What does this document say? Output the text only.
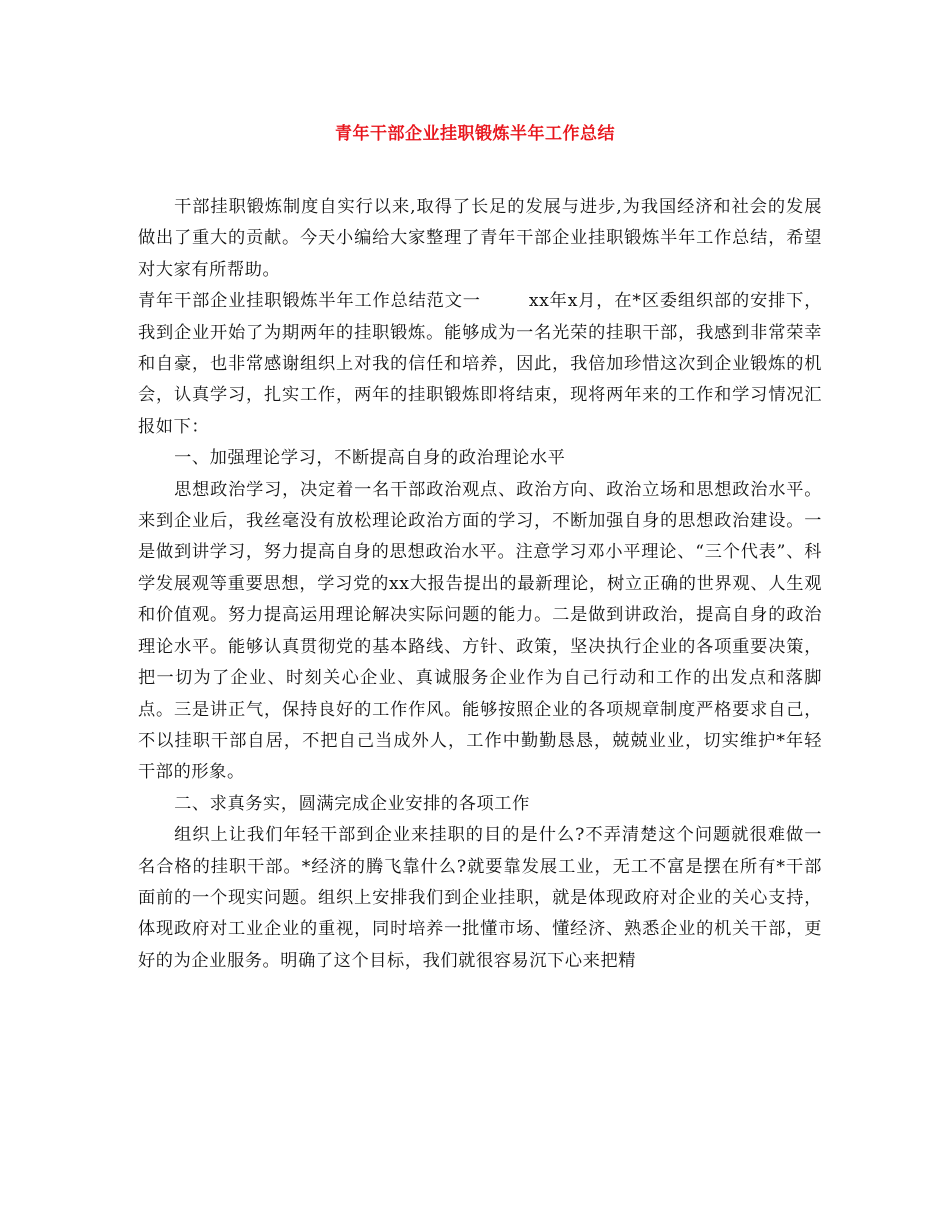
青年干部企业挂职锻炼半年工作总结

干部挂职锻炼制度自实行以来,取得了长足的发展与进步,为我国经济和社会的发展做出了重大的贡献。今天小编给大家整理了青年干部企业挂职锻炼半年工作总结，希望对大家有所帮助。

青年干部企业挂职锻炼半年工作总结范文一	xx年x月，在*区委组织部的安排下，我到企业开始了为期两年的挂职锻炼。能够成为一名光荣的挂职干部，我感到非常荣幸和自豪，也非常感谢组织上对我的信任和培养，因此，我倍加珍惜这次到企业锻炼的机会，认真学习，扎实工作，两年的挂职锻炼即将结束，现将两年来的工作和学习情况汇报如下：

一、加强理论学习，不断提高自身的政治理论水平

思想政治学习，决定着一名干部政治观点、政治方向、政治立场和思想政治水平。来到企业后，我丝毫没有放松理论政治方面的学习，不断加强自身的思想政治建设。一是做到讲学习，努力提高自身的思想政治水平。注意学习邓小平理论、“三个代表”、科学发展观等重要思想，学习党的xx大报告提出的最新理论，树立正确的世界观、人生观和价值观。努力提高运用理论解决实际问题的能力。二是做到讲政治，提高自身的政治理论水平。能够认真贯彻党的基本路线、方针、政策，坚决执行企业的各项重要决策，把一切为了企业、时刻关心企业、真诚服务企业作为自己行动和工作的出发点和落脚点。三是讲正气，保持良好的工作作风。能够按照企业的各项规章制度严格要求自己，不以挂职干部自居，不把自己当成外人，工作中勤勤恳恳，兢兢业业，切实维护*年轻干部的形象。

二、求真务实，圆满完成企业安排的各项工作

组织上让我们年轻干部到企业来挂职的目的是什么?不弄清楚这个问题就很难做一名合格的挂职干部。*经济的腾飞靠什么?就要靠发展工业，无工不富是摆在所有*干部面前的一个现实问题。组织上安排我们到企业挂职，就是体现政府对企业的关心支持，体现政府对工业企业的重视，同时培养一批懂市场、懂经济、熟悉企业的机关干部，更好的为企业服务。明确了这个目标，我们就很容易沉下心来把精
